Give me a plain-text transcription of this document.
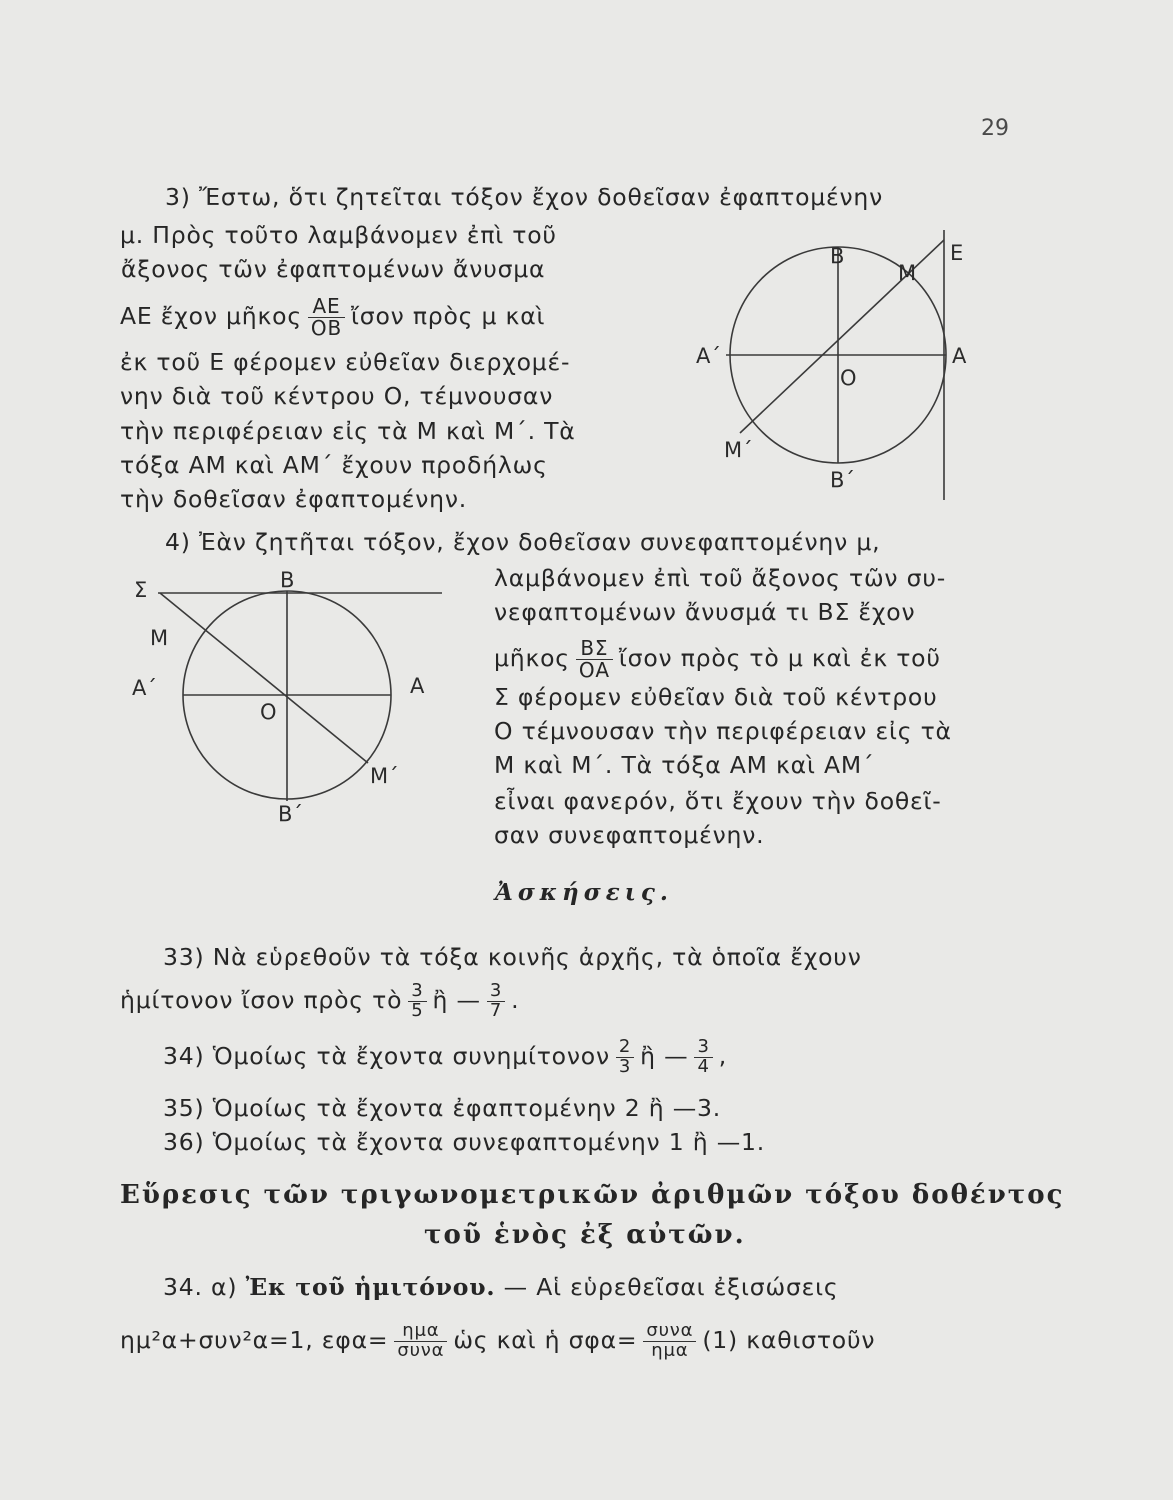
29
3) Ἔστω, ὅτι ζητεῖται τόξον ἔχον δοθεῖσαν ἐφαπτομένην
μ. Πρὸς τοῦτο λαμβάνομεν ἐπὶ τοῦ
ἄξονος τῶν ἐφαπτομένων ἄνυσμα
ΑΕ ἔχον μῆκος $\frac{AE}{OB}$ ἴσον πρὸς μ καὶ
ἐκ τοῦ Ε φέρομεν εὐθεῖαν διερχομέ-
νην διὰ τοῦ κέντρου Ο, τέμνουσαν
τὴν περιφέρειαν εἰς τὰ Μ καὶ Μ΄. Τὰ
τόξα ΑΜ καὶ ΑΜ΄ ἔχουν προδήλως
τὴν δοθεῖσαν ἐφαπτομένην.
Β
Μ
Ε
Α΄	Α
Ο
Μ΄
Β΄
4) Ἐὰν ζητῆται τόξον, ἔχον δοθεῖσαν συνεφαπτομένην μ,
λαμβάνομεν ἐπὶ τοῦ ἄξονος τῶν συ-
νεφαπτομένων ἄνυσμά τι ΒΣ ἔχον
μῆκος $\frac{B\Sigma}{OA}$ ἴσον πρὸς τὸ μ καὶ ἐκ τοῦ
Σ φέρομεν εὐθεῖαν διὰ τοῦ κέντρου
Ο τέμνουσαν τὴν περιφέρειαν εἰς τὰ
Μ καὶ Μ΄. Τὰ τόξα ΑΜ καὶ ΑΜ΄
εἶναι φανερόν, ὅτι ἔχουν τὴν δοθεῖ-
σαν συνεφαπτομένην.
Σ	Β
Μ
Α΄	Α
Ο
Μ΄
Β΄
Ἀσκήσεις.
33) Νὰ εὑρεθοῦν τὰ τόξα κοινῆς ἀρχῆς, τὰ ὁποῖα ἔχουν
ἡμίτονον ἴσον πρὸς τὸ $\frac{3}{5}$ ἢ — $\frac{3}{7}$ .
34) Ὁμοίως τὰ ἔχοντα συνημίτονον $\frac{2}{3}$ ἢ — $\frac{3}{4}$ ,
35) Ὁμοίως τὰ ἔχοντα ἐφαπτομένην 2 ἢ —3.
36) Ὁμοίως τὰ ἔχοντα συνεφαπτομένην 1 ἢ —1.
Εὕρεσις τῶν τριγωνομετρικῶν ἀριθμῶν τόξου δοθέντος
τοῦ ἑνὸς ἐξ αὐτῶν.
34. α) Ἐκ τοῦ ἡμιτόνου. — Αἱ εὑρεθεῖσαι ἐξισώσεις
ημ²α+συν²α=1, $\varepsilon\varphi\alpha= \frac{\text{ημα}}{\text{συνα}}$ ὡς καὶ ἡ $\sigma\varphi\alpha= \frac{\text{συνα}}{\text{ημα}} (1)$ καθιστοῦν
